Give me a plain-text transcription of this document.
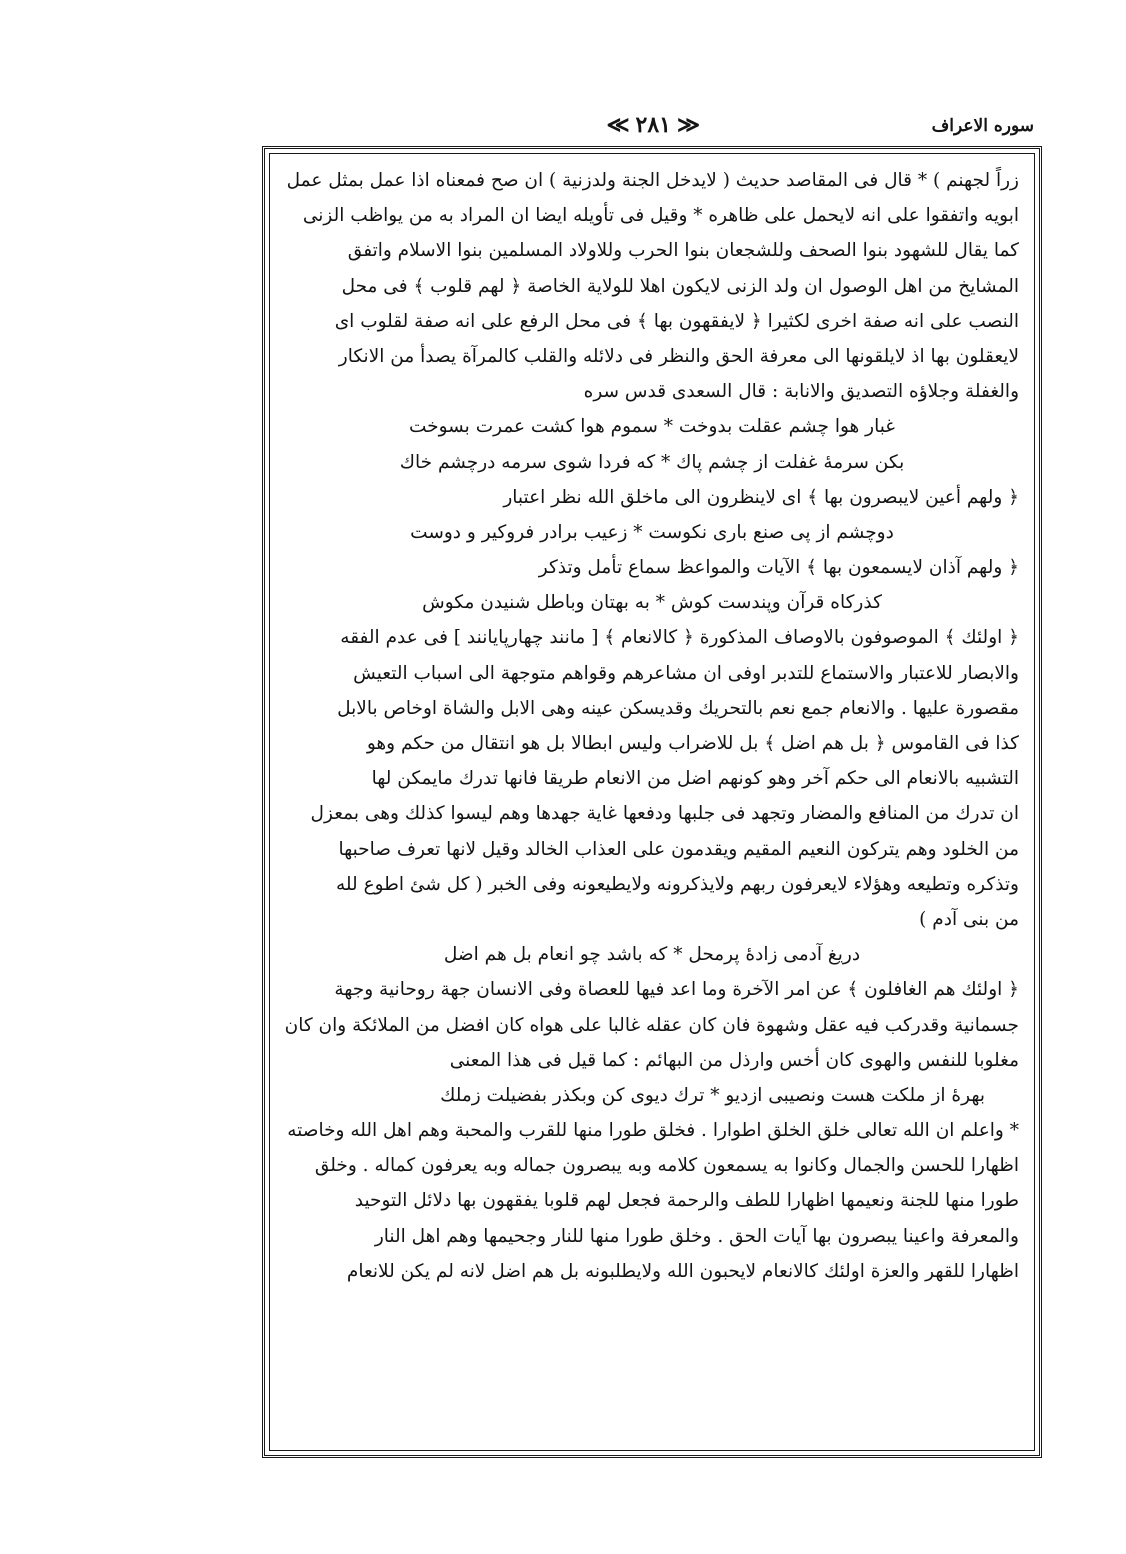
سوره الاعراف
≪ ٢٨١ ≫
زراً لجهنم ) * قال فى المقاصد حديث ( لايدخل الجنة ولدزنية ) ان صح فمعناه اذا عمل بمثل عمل
ابويه واتفقوا على انه لايحمل على ظاهره * وقيل فى تأويله ايضا ان المراد به من يواظب الزنى
كما يقال للشهود بنوا الصحف وللشجعان بنوا الحرب وللاولاد المسلمين بنوا الاسلام واتفق
المشايخ من اهل الوصول ان ولد الزنى لايكون اهلا للولاية الخاصة ﴿ لهم قلوب ﴾ فى محل
النصب على انه صفة اخرى لكثيرا ﴿ لايفقهون بها ﴾ فى محل الرفع على انه صفة لقلوب اى
لايعقلون بها اذ لايلقونها الى معرفة الحق والنظر فى دلائله والقلب كالمرآة يصدأ من الانكار
والغفلة وجلاؤه التصديق والانابة : قال السعدى قدس سره
غبار هوا چشم عقلت بدوخت * سموم هوا كشت عمرت بسوخت
بكن سرمۀ غفلت از چشم پاك * كه فردا شوى سرمه درچشم خاك
﴿ ولهم أعين لايبصرون بها ﴾ اى لاينظرون الى ماخلق الله نظر اعتبار
دوچشم از پى صنع بارى نكوست * زعيب برادر فروكير و دوست
﴿ ولهم آذان لايسمعون بها ﴾ الآيات والمواعظ سماع تأمل وتذكر
كذركاه قرآن وپندست كوش * به بهتان وباطل شنيدن مكوش
﴿ اولئك ﴾ الموصوفون بالاوصاف المذكورة ﴿ كالانعام ﴾ [ مانند چهارپايانند ] فى عدم الفقه
والابصار للاعتبار والاستماع للتدبر اوفى ان مشاعرهم وقواهم متوجهة الى اسباب التعيش
مقصورة عليها . والانعام جمع نعم بالتحريك وقديسكن عينه وهى الابل والشاة اوخاص بالابل
كذا فى القاموس ﴿ بل هم اضل ﴾ بل للاضراب وليس ابطالا بل هو انتقال من حكم وهو
التشبيه بالانعام الى حكم آخر وهو كونهم اضل من الانعام طريقا فانها تدرك مايمكن لها
ان تدرك من المنافع والمضار وتجهد فى جلبها ودفعها غاية جهدها وهم ليسوا كذلك وهى بمعزل
من الخلود وهم يتركون النعيم المقيم ويقدمون على العذاب الخالد وقيل لانها تعرف صاحبها
وتذكره وتطيعه وهؤلاء لايعرفون ربهم ولايذكرونه ولايطيعونه وفى الخبر ( كل شئ اطوع لله
من بنى آدم )
دريغ آدمى زادۀ پرمحل * كه باشد چو انعام بل هم اضل
﴿ اولئك هم الغافلون ﴾ عن امر الآخرة وما اعد فيها للعصاة وفى الانسان جهة روحانية وجهة
جسمانية وقدركب فيه عقل وشهوة فان كان عقله غالبا على هواه كان افضل من الملائكة وان كان
مغلوبا للنفس والهوى كان أخس وارذل من البهائم : كما قيل فى هذا المعنى
بهرۀ از ملكت هست ونصيبى ازديو * ترك ديوى كن وبكذر بفضيلت زملك
* واعلم ان الله تعالى خلق الخلق اطوارا . فخلق طورا منها للقرب والمحبة وهم اهل الله وخاصته
اظهارا للحسن والجمال وكانوا به يسمعون كلامه وبه يبصرون جماله وبه يعرفون كماله . وخلق
طورا منها للجنة ونعيمها اظهارا للطف والرحمة فجعل لهم قلوبا يفقهون بها دلائل التوحيد
والمعرفة واعينا يبصرون بها آيات الحق . وخلق طورا منها للنار وجحيمها وهم اهل النار
اظهارا للقهر والعزة اولئك كالانعام لايحبون الله ولايطلبونه بل هم اضل لانه لم يكن للانعام
